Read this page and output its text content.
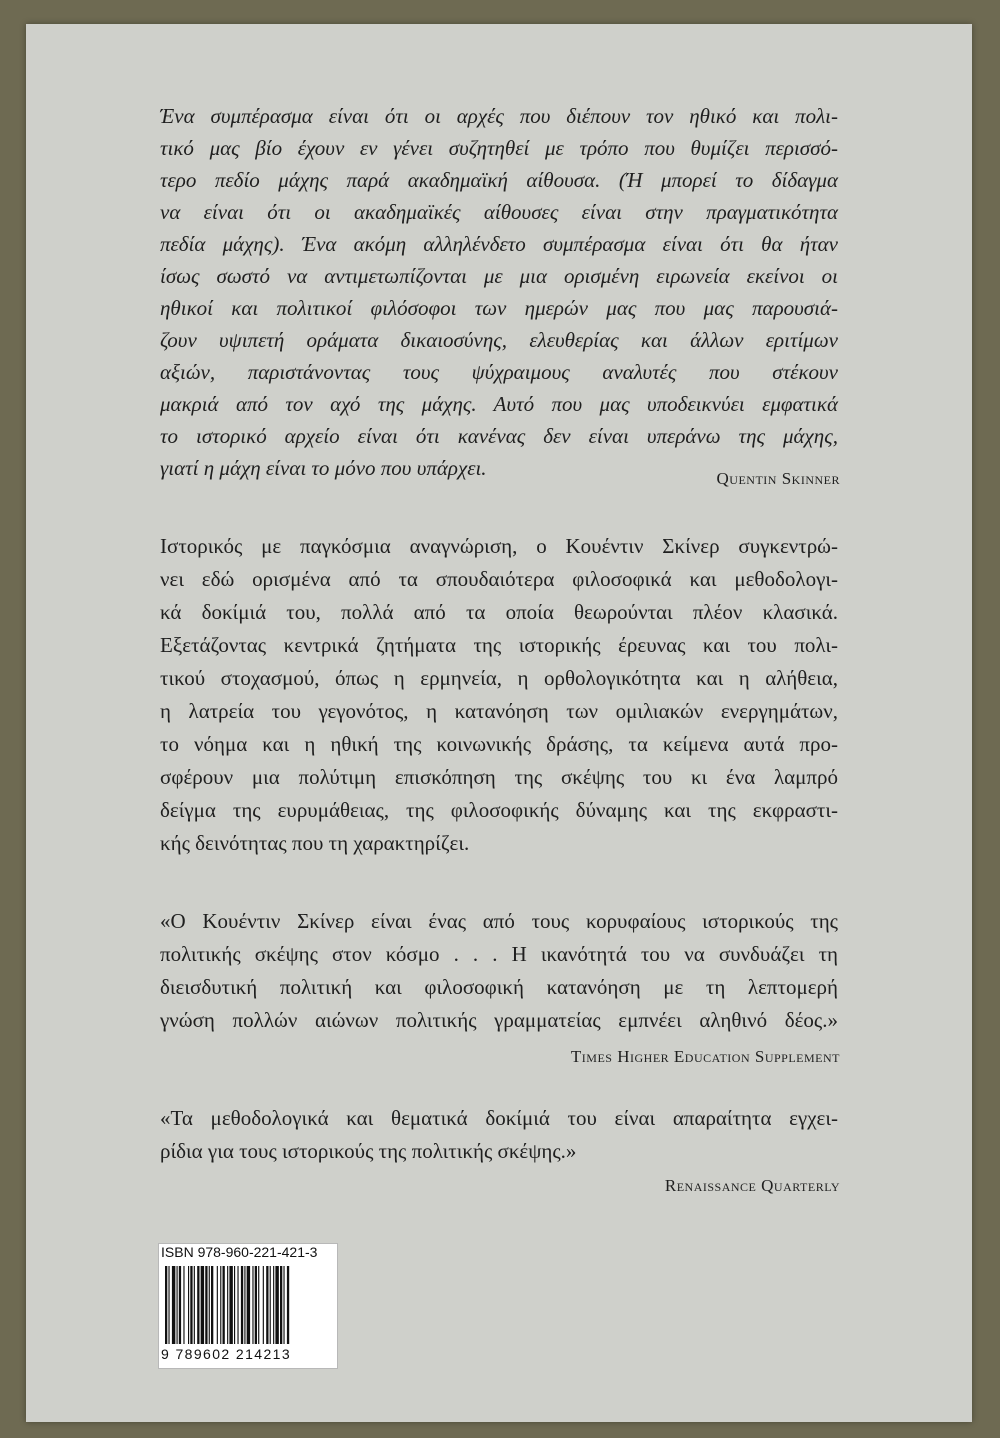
Ένα συμπέρασμα είναι ότι οι αρχές που διέπουν τον ηθικό και πολι-
τικό μας βίο έχουν εν γένει συζητηθεί με τρόπο που θυμίζει περισσό-
τερο πεδίο μάχης παρά ακαδημαϊκή αίθουσα. (Ή μπορεί το δίδαγμα
να είναι ότι οι ακαδημαϊκές αίθουσες είναι στην πραγματικότητα
πεδία μάχης). Ένα ακόμη αλληλένδετο συμπέρασμα είναι ότι θα ήταν
ίσως σωστό να αντιμετωπίζονται με μια ορισμένη ειρωνεία εκείνοι οι
ηθικοί και πολιτικοί φιλόσοφοι των ημερών μας που μας παρουσιά-
ζουν υψιπετή οράματα δικαιοσύνης, ελευθερίας και άλλων εριτίμων
αξιών, παριστάνοντας τους ψύχραιμους αναλυτές που στέκουν
μακριά από τον αχό της μάχης. Αυτό που μας υποδεικνύει εμφατικά
το ιστορικό αρχείο είναι ότι κανένας δεν είναι υπεράνω της μάχης,
γιατί η μάχη είναι το μόνο που υπάρχει.	Quentin Skinner
Ιστορικός με παγκόσμια αναγνώριση, ο Κουέντιν Σκίνερ συγκεντρώ-
νει εδώ ορισμένα από τα σπουδαιότερα φιλοσοφικά και μεθοδολογι-
κά δοκίμιά του, πολλά από τα οποία θεωρούνται πλέον κλασικά.
Εξετάζοντας κεντρικά ζητήματα της ιστορικής έρευνας και του πολι-
τικού στοχασμού, όπως η ερμηνεία, η ορθολογικότητα και η αλήθεια,
η λατρεία του γεγονότος, η κατανόηση των ομιλιακών ενεργημάτων,
το νόημα και η ηθική της κοινωνικής δράσης, τα κείμενα αυτά προ-
σφέρουν μια πολύτιμη επισκόπηση της σκέψης του κι ένα λαμπρό
δείγμα της ευρυμάθειας, της φιλοσοφικής δύναμης και της εκφραστι-
κής δεινότητας που τη χαρακτηρίζει.
«Ο Κουέντιν Σκίνερ είναι ένας από τους κορυφαίους ιστορικούς της
πολιτικής σκέψης στον κόσμο . . . Η ικανότητά του να συνδυάζει τη
διεισδυτική πολιτική και φιλοσοφική κατανόηση με τη λεπτομερή
γνώση πολλών αιώνων πολιτικής γραμματείας εμπνέει αληθινό δέος.»
Times Higher Education Supplement
«Τα μεθοδολογικά και θεματικά δοκίμιά του είναι απαραίτητα εγχει-
ρίδια για τους ιστορικούς της πολιτικής σκέψης.»
Renaissance Quarterly
ISBN 978-960-221-421-3
9 789602 214213
